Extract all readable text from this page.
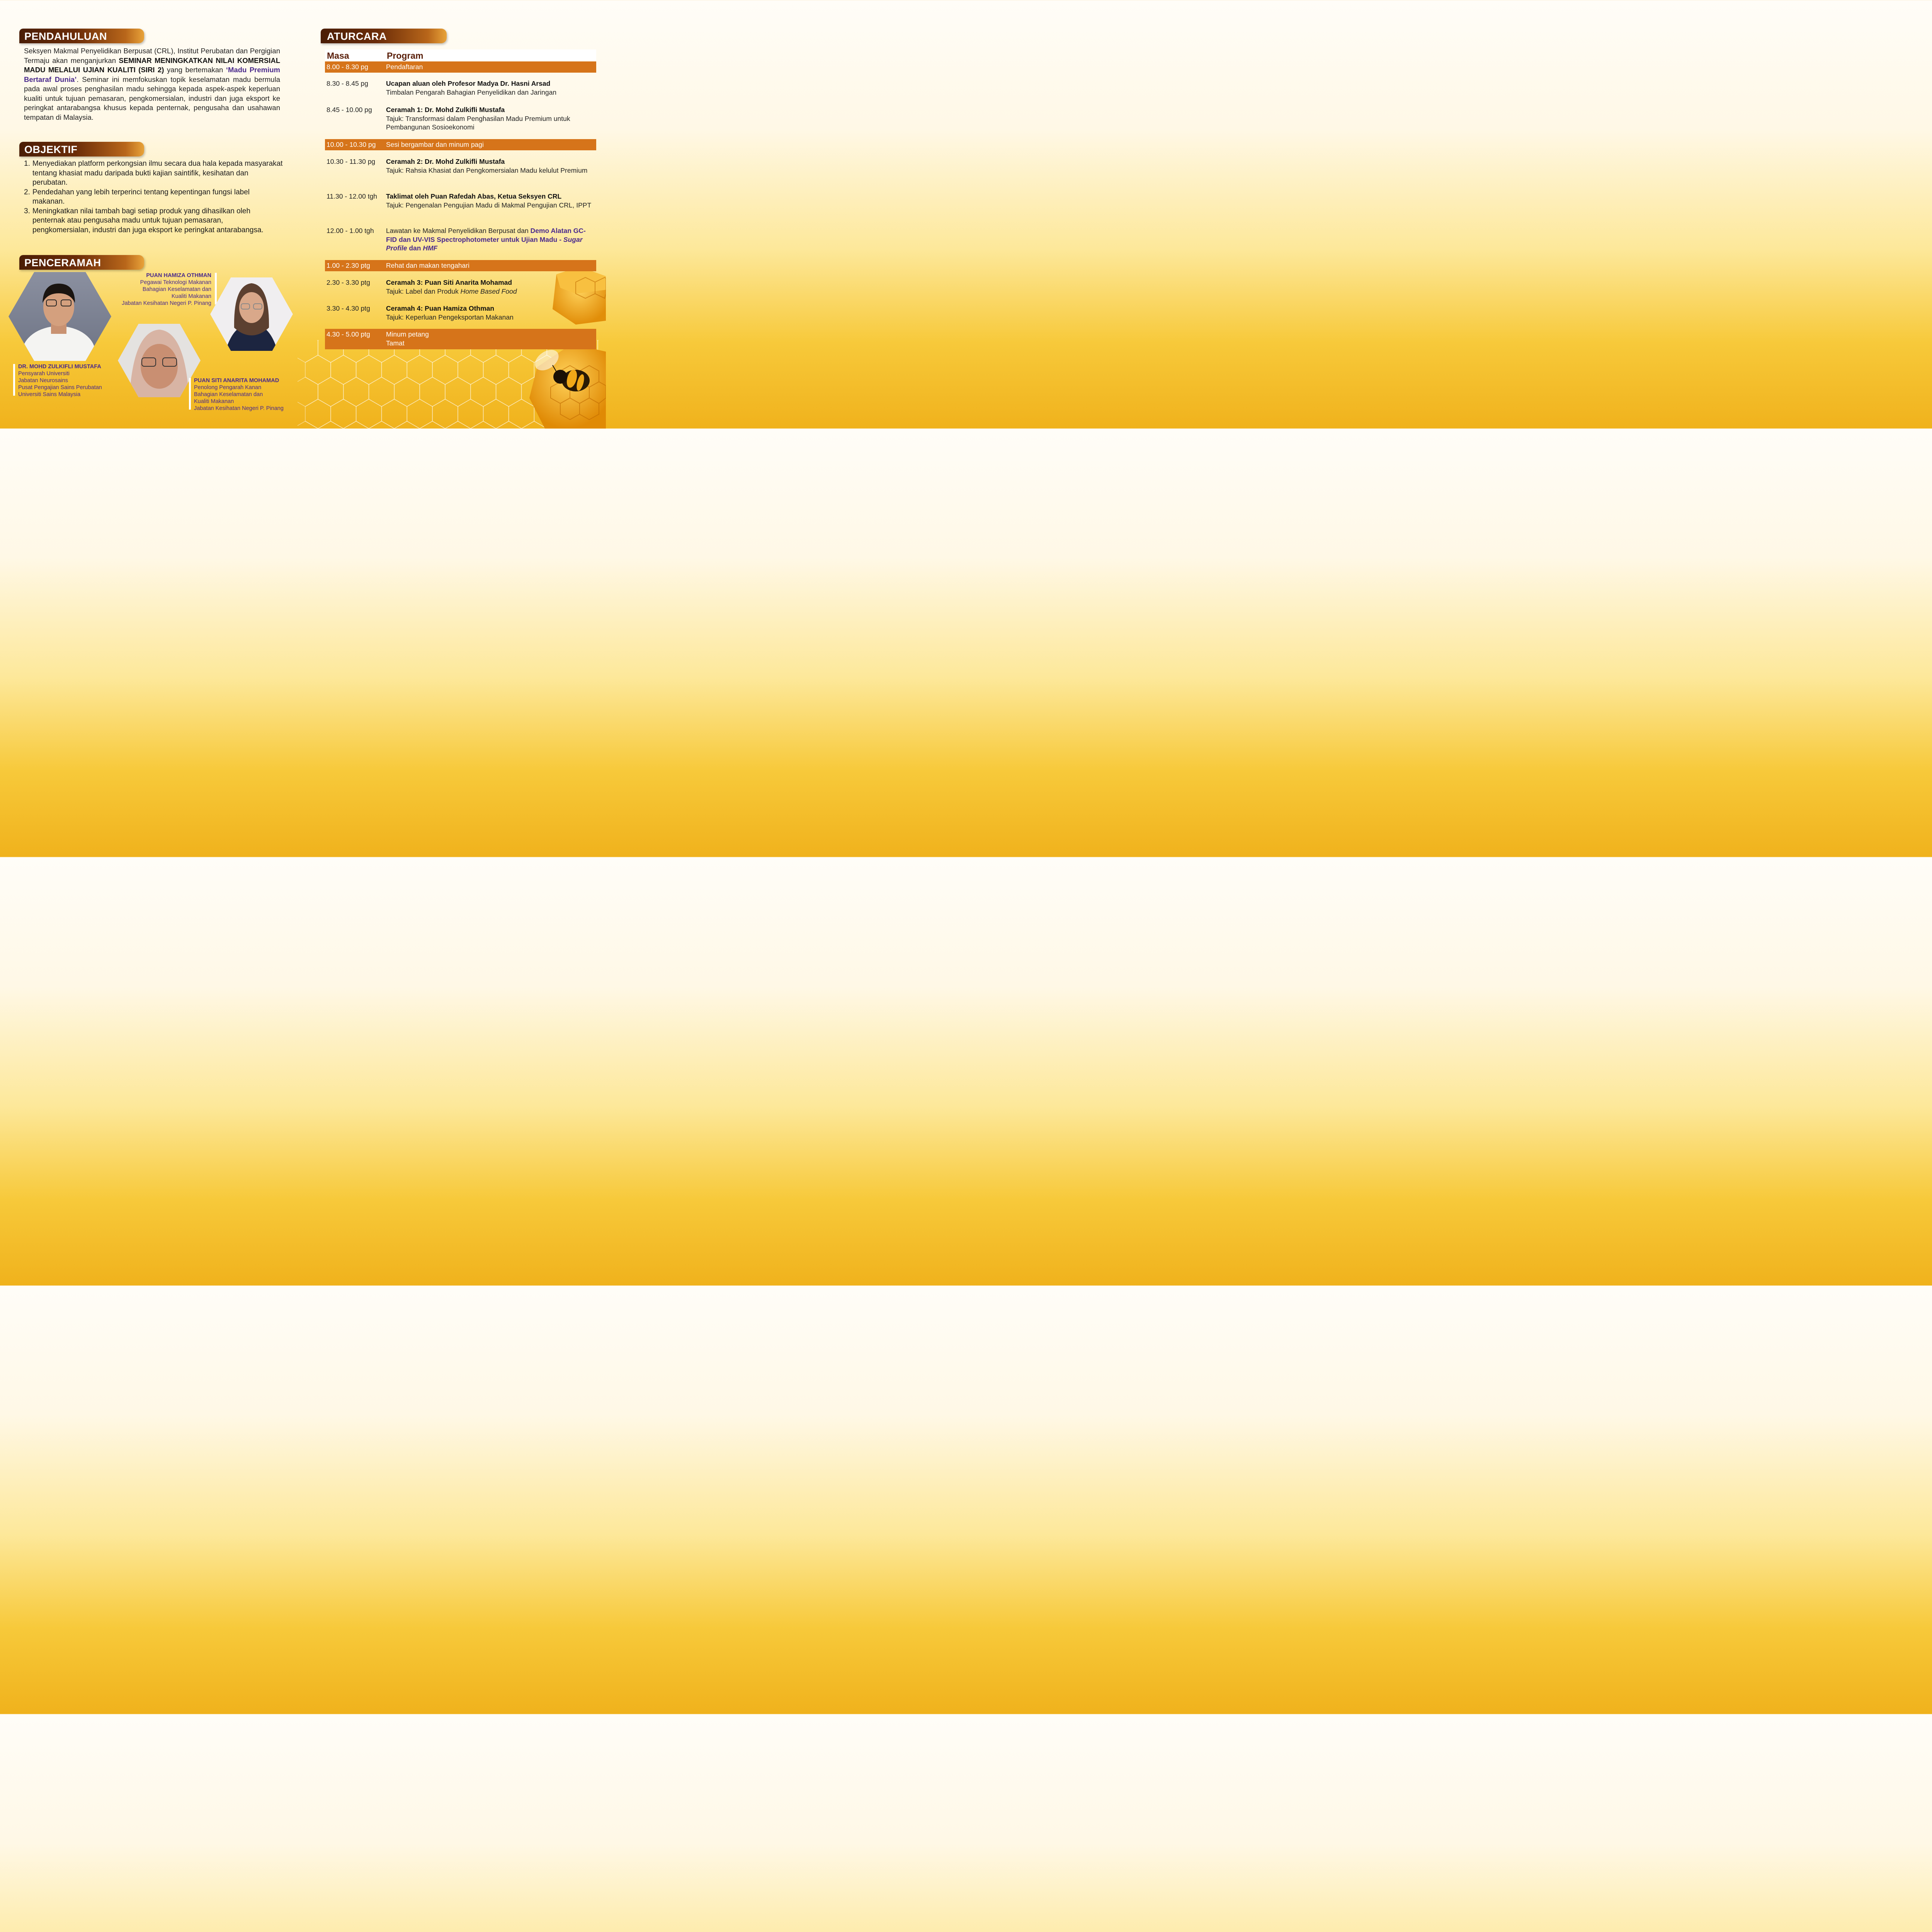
PENDAHULUAN
Seksyen Makmal Penyelidikan Berpusat (CRL), Institut Perubatan dan Pergigian Termaju akan menganjurkan SEMINAR MENINGKATKAN NILAI KOMERSIAL MADU MELALUI UJIAN KUALITI (SIRI 2) yang bertemakan ‘Madu Premium Bertaraf Dunia’. Seminar ini memfokuskan topik keselamatan madu bermula pada awal proses penghasilan madu sehingga kepada aspek-aspek keperluan kualiti untuk tujuan pemasaran, pengkomersialan, industri dan juga eksport ke peringkat antarabangsa khusus kepada penternak, pengusaha dan usahawan tempatan di Malaysia.
OBJEKTIF
1. Menyediakan platform perkongsian ilmu secara dua hala kepada masyarakat tentang khasiat madu daripada bukti kajian saintifik, kesihatan dan perubatan.
2. Pendedahan yang lebih terperinci tentang kepentingan fungsi label makanan.
3. Meningkatkan nilai tambah bagi setiap produk yang dihasilkan oleh penternak atau pengusaha madu untuk tujuan pemasaran, pengkomersialan, industri dan juga eksport ke peringkat antarabangsa.
PENCERAMAH
DR. MOHD ZULKIFLI MUSTAFA
Pensyarah Universiti
Jabatan Neurosains
Pusat Pengajian Sains Perubatan
Universiti Sains Malaysia
PUAN HAMIZA OTHMAN
Pegawai Teknologi Makanan
Bahagian Keselamatan dan
Kualiti Makanan
Jabatan Kesihatan Negeri P. Pinang
PUAN SITI ANARITA MOHAMAD
Penolong Pengarah Kanan
Bahagian Keselamatan dan
Kualiti Makanan
Jabatan Kesihatan Negeri P. Pinang
ATURCARA
Masa	Program
8.00 - 8.30 pg	Pendaftaran
8.30 - 8.45 pg	Ucapan aluan oleh Profesor Madya Dr. Hasni Arsad
Timbalan Pengarah Bahagian Penyelidikan dan Jaringan
8.45 - 10.00 pg Ceramah 1: Dr. Mohd Zulkifli Mustafa
Tajuk: Transformasi dalam Penghasilan Madu Premium untuk Pembangunan Sosioekonomi
10.00 - 10.30 pg Sesi bergambar dan minum pagi
10.30 - 11.30 pg Ceramah 2: Dr. Mohd Zulkifli Mustafa
Tajuk: Rahsia Khasiat dan Pengkomersialan Madu kelulut Premium
11.30 - 12.00 tgh Taklimat oleh Puan Rafedah Abas, Ketua Seksyen CRL
Tajuk: Pengenalan Pengujian Madu di Makmal Pengujian CRL, IPPT
12.00 - 1.00 tgh Lawatan ke Makmal Penyelidikan Berpusat dan Demo Alatan GC-FID dan UV-VIS Spectrophotometer untuk Ujian Madu - Sugar Profile dan HMF
1.00 - 2.30 ptg Rehat dan makan tengahari
2.30 - 3.30 ptg Ceramah 3: Puan Siti Anarita Mohamad
Tajuk: Label dan Produk Home Based Food
3.30 - 4.30 ptg Ceramah 4: Puan Hamiza Othman
Tajuk: Keperluan Pengeksportan Makanan
4.30 - 5.00 ptg Minum petang
Tamat
